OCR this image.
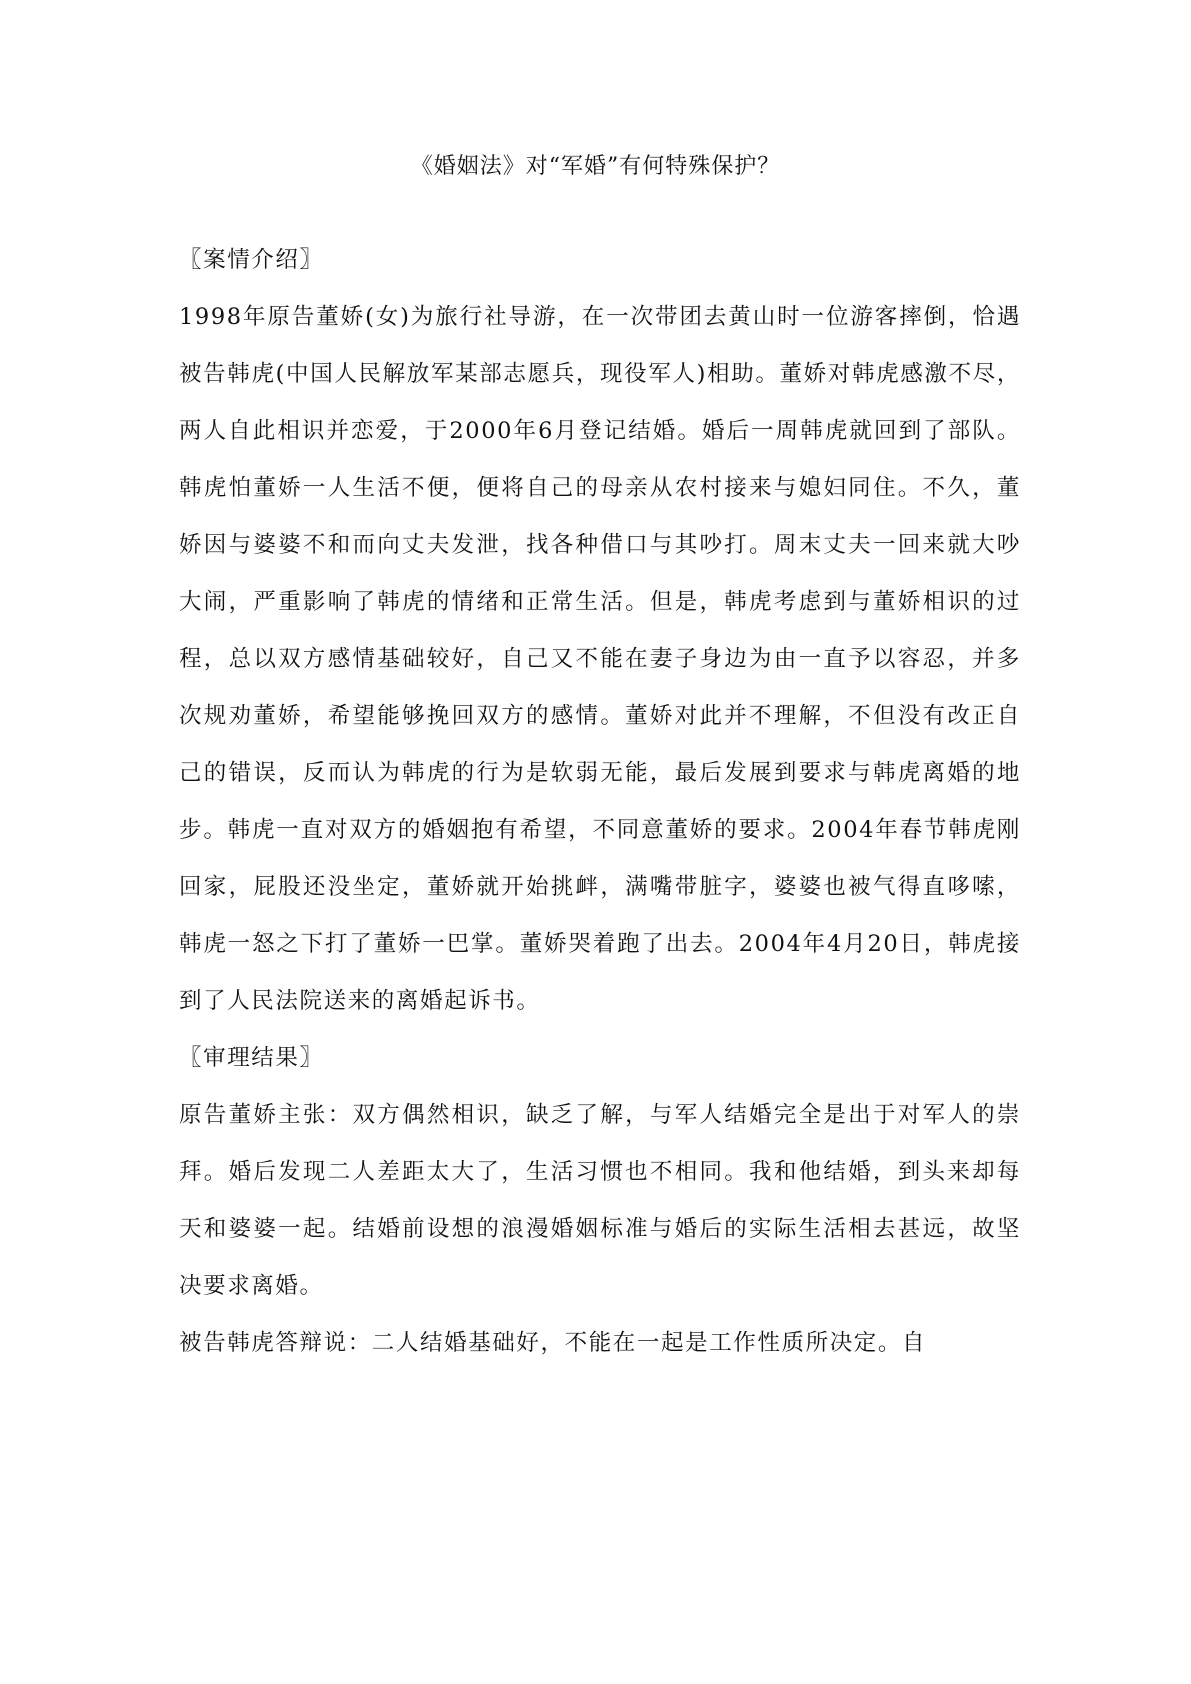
《婚姻法》对“军婚”有何特殊保护？

〖案情介绍〗

1998年原告董娇(女)为旅行社导游，在一次带团去黄山时一位游客摔倒，恰遇被告韩虎(中国人民解放军某部志愿兵，现役军人)相助。董娇对韩虎感激不尽，两人自此相识并恋爱，于2000年6月登记结婚。婚后一周韩虎就回到了部队。韩虎怕董娇一人生活不便，便将自己的母亲从农村接来与媳妇同住。不久，董娇因与婆婆不和而向丈夫发泄，找各种借口与其吵打。周末丈夫一回来就大吵大闹，严重影响了韩虎的情绪和正常生活。但是，韩虎考虑到与董娇相识的过程，总以双方感情基础较好，自己又不能在妻子身边为由一直予以容忍，并多次规劝董娇，希望能够挽回双方的感情。董娇对此并不理解，不但没有改正自己的错误，反而认为韩虎的行为是软弱无能，最后发展到要求与韩虎离婚的地步。韩虎一直对双方的婚姻抱有希望，不同意董娇的要求。2004年春节韩虎刚回家，屁股还没坐定，董娇就开始挑衅，满嘴带脏字，婆婆也被气得直哆嗦，韩虎一怒之下打了董娇一巴掌。董娇哭着跑了出去。2004年4月20日，韩虎接到了人民法院送来的离婚起诉书。

〖审理结果〗

原告董娇主张：双方偶然相识，缺乏了解，与军人结婚完全是出于对军人的崇拜。婚后发现二人差距太大了，生活习惯也不相同。我和他结婚，到头来却每天和婆婆一起。结婚前设想的浪漫婚姻标准与婚后的实际生活相去甚远，故坚决要求离婚。

被告韩虎答辩说：二人结婚基础好，不能在一起是工作性质所决定。自
